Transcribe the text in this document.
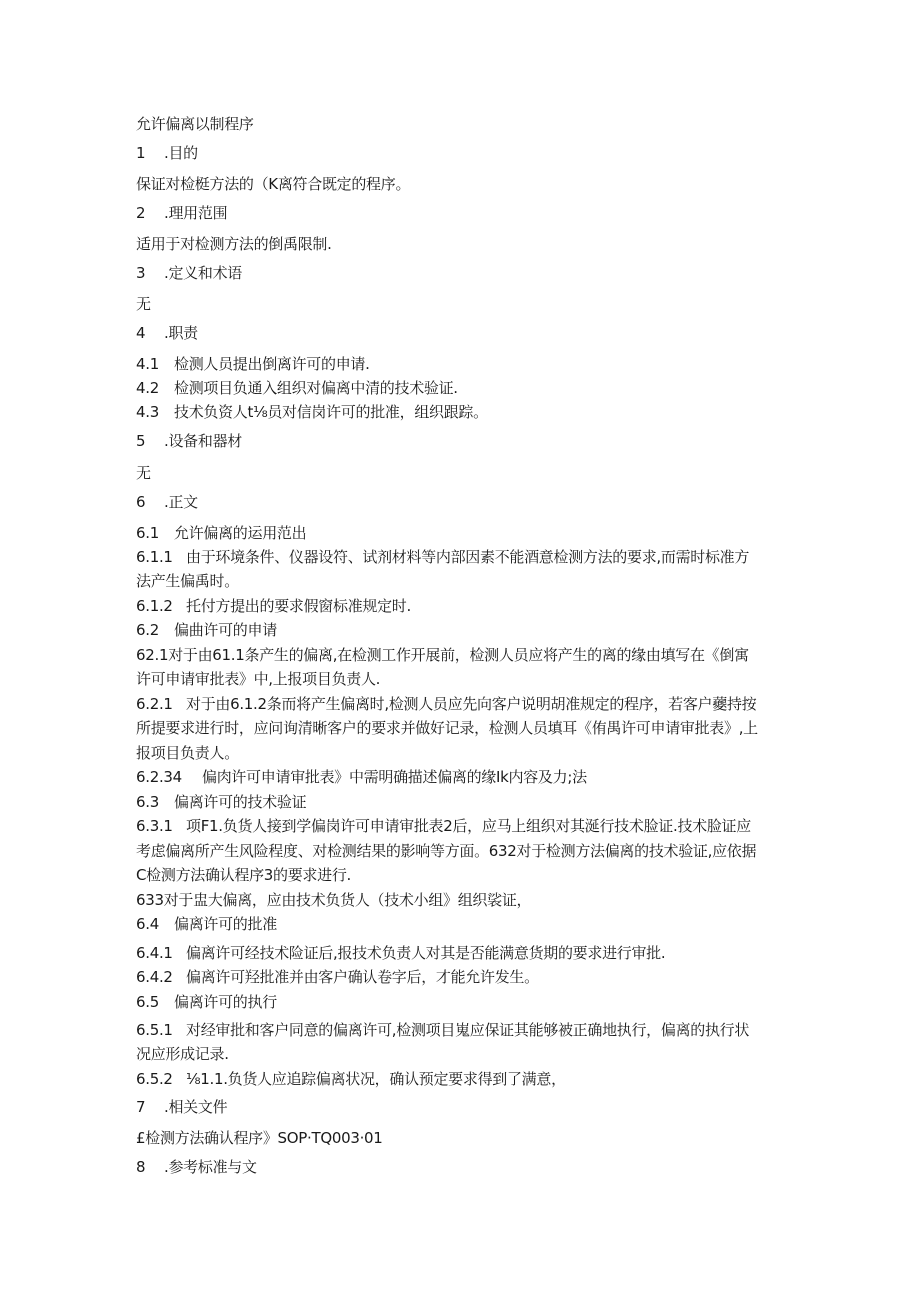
允许偏离以制程序
1 .目的
保证对检梃方法的（K离符合既定的程序。
2 .理用范围
适用于对检测方法的倒禹限制.
3 .定义和术语
无
4 .职责
4.1 检测人员提出倒离许可的申请.
4.2 检测项目负通入组织对偏离中清的技术验证.
4.3 技术负资人t⅛员对信岗许可的批准，组织跟踪。
5 .设备和器材
无
6 .正文
6.1 允许偏离的运用范出
6.1.1 由于环境条件、仪器设符、试剂材料等内部因素不能酒意检测方法的要求,而需时标准方
法产生偏禹时。
6.1.2 托付方提出的要求假窗标准规定时.
6.2 偏曲许可的申请
62.1对于由61.1条产生的偏离,在检测工作开展前，检测人员应将产生的离的缘由填写在《倒寓
许可申请审批表》中,上报项目负责人.
6.2.1 对于由6.1.2条而将产生偏离时,检测人员应先向客户说明胡准规定的程序，若客户蘷持按
所提要求进行时，应问询清晰客户的要求并做好记录，检测人员填耳《侑禺许可申请审批表》,上
报项目负责人。
6.2.34 偏肉许可申请审批表》中需明确描述偏离的缘Ik内容及力;法
6.3 偏离许可的技术验证
6.3.1 项F1.负货人接到学偏岗许可申请审批表2后，应马上组织对其涎行技术脸证.技术脸证应
考虑偏离所产生风险程度、对检测结果的影响等方面。632对于检测方法偏离的技术验证,应依据
C检测方法确认程序3的要求进行.
633对于盅大偏离，应由技术负货人（技术小组》组织裟证，
6.4 偏离许可的批准
6.4.1 偏离许可经技术险证后,报技术负责人对其是否能满意货期的要求进行审批.
6.4.2 偏离许可羟批准并由客户确认卷字后，才能允许发生。
6.5 偏离许可的执行
6.5.1 对经审批和客户同意的偏离许可,检测项目嵬应保证其能够被正确地执行，偏离的执行状
况应形成记录.
6.5.2 ⅛1.1.负货人应追踪偏离状况，确认预定要求得到了满意，
7 .相关文件
£检测方法确认程序》SOP·TQ003·01
8 .参考标准与文
